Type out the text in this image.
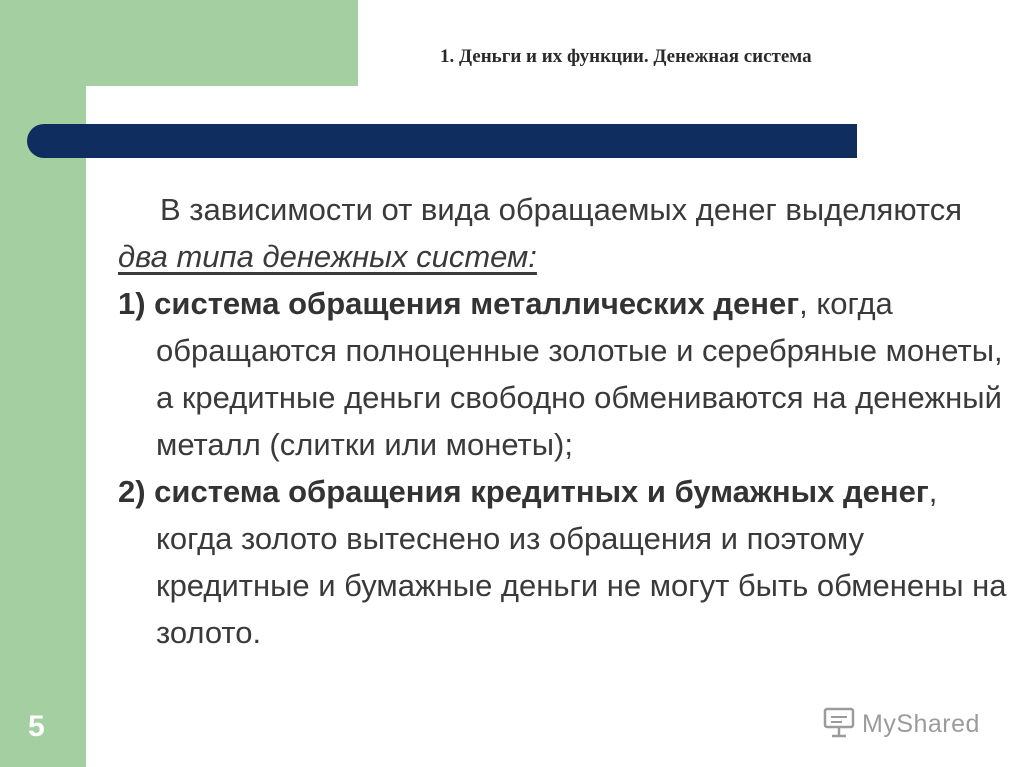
1. Деньги и их функции. Денежная система

В зависимости от вида обращаемых денег выделяются два типа денежных систем:

1) система обращения металлических денег, когда обращаются полноценные золотые и серебряные монеты, а кредитные деньги свободно обмениваются на денежный металл (слитки или монеты);

2) система обращения кредитных и бумажных денег, когда золото вытеснено из обращения и поэтому кредитные и бумажные деньги не могут быть обменены на золото.

5	MyShared
